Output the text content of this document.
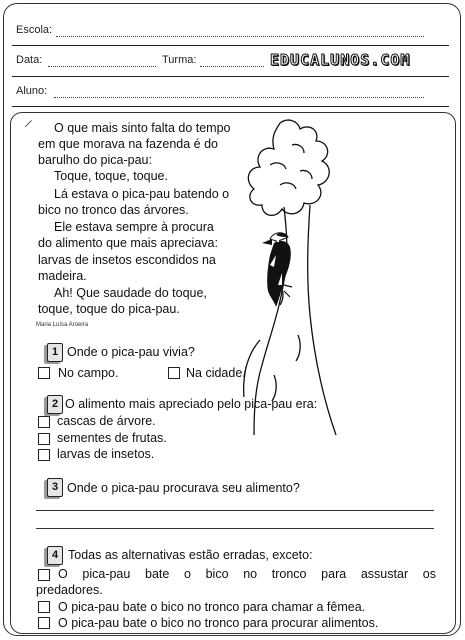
Escola:
Data:	Turma:	EDUCALUNOS.COM
Aluno:
⸍ O que mais sinto falta do tempo
em que morava na fazenda é do
barulho do pica-pau:
Toque, toque, toque.
Lá estava o pica-pau batendo o
bico no tronco das árvores.
Ele estava sempre à procura
do alimento que mais apreciava:
larvas de insetos escondidos na
madeira.
Ah! Que saudade do toque,
toque, toque do pica-pau.
Maria Luísa Aroeira
1 Onde o pica-pau vivia?
No campo.	Na cidade.
2 O alimento mais apreciado pelo pica-pau era:
cascas de árvore.
sementes de frutas.
larvas de insetos.
3 Onde o pica-pau procurava seu alimento?
4 Todas as alternativas estão erradas, exceto:
O pica-pau bate o bico no tronco para assustar os
predadores.
O pica-pau bate o bico no tronco para chamar a fêmea.
O pica-pau bate o bico no tronco para procurar alimentos.
